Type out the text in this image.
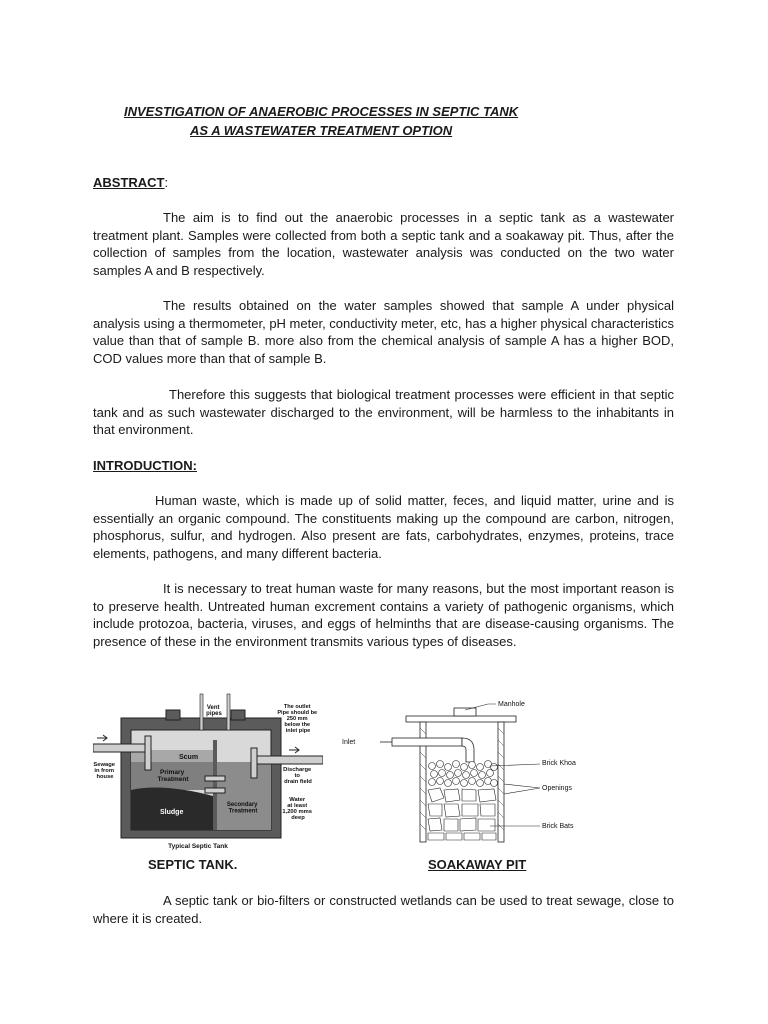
INVESTIGATION OF ANAEROBIC PROCESSES IN SEPTIC TANK
AS A WASTEWATER TREATMENT OPTION
ABSTRACT:

The aim is to find out the anaerobic processes in a septic tank as a wastewater treatment plant. Samples were collected from both a septic tank and a soakaway pit. Thus, after the collection of samples from the location, wastewater analysis was conducted on the two water samples A and B respectively.

The results obtained on the water samples showed that sample A under physical analysis using a thermometer, pH meter, conductivity meter, etc, has a higher physical characteristics value than that of sample B. more also from the chemical analysis of sample A has a higher BOD, COD values more than that of sample B.

Therefore this suggests that biological treatment processes were efficient in that septic tank and as such wastewater discharged to the environment, will be harmless to the inhabitants in that environment.

INTRODUCTION:

Human waste, which is made up of solid matter, feces, and liquid matter, urine and is essentially an organic compound. The constituents making up the compound are carbon, nitrogen, phosphorus, sulfur, and hydrogen. Also present are fats, carbohydrates, enzymes, proteins, trace elements, pathogens, and many different bacteria.

It is necessary to treat human waste for many reasons, but the most important reason is to preserve health. Untreated human excrement contains a variety of pathogenic organisms, which include protozoa, bacteria, viruses, and eggs of helminths that are disease-causing organisms. The presence of these in the environment transmits various types of diseases.

Vent pipes
The outlet Pipe should be 250 mm below the inlet pipe
Sewage in from house
Scum
Primary Treatment
Sludge
Secondary Treatment
Discharge to drain field
Water at least 1,200 mms deep
Typical Septic Tank
Manhole
Inlet
Brick Khoa
Openings
Brick Bats
SEPTIC TANK.	SOAKAWAY PIT

A septic tank or bio-filters or constructed wetlands can be used to treat sewage, close to where it is created.
